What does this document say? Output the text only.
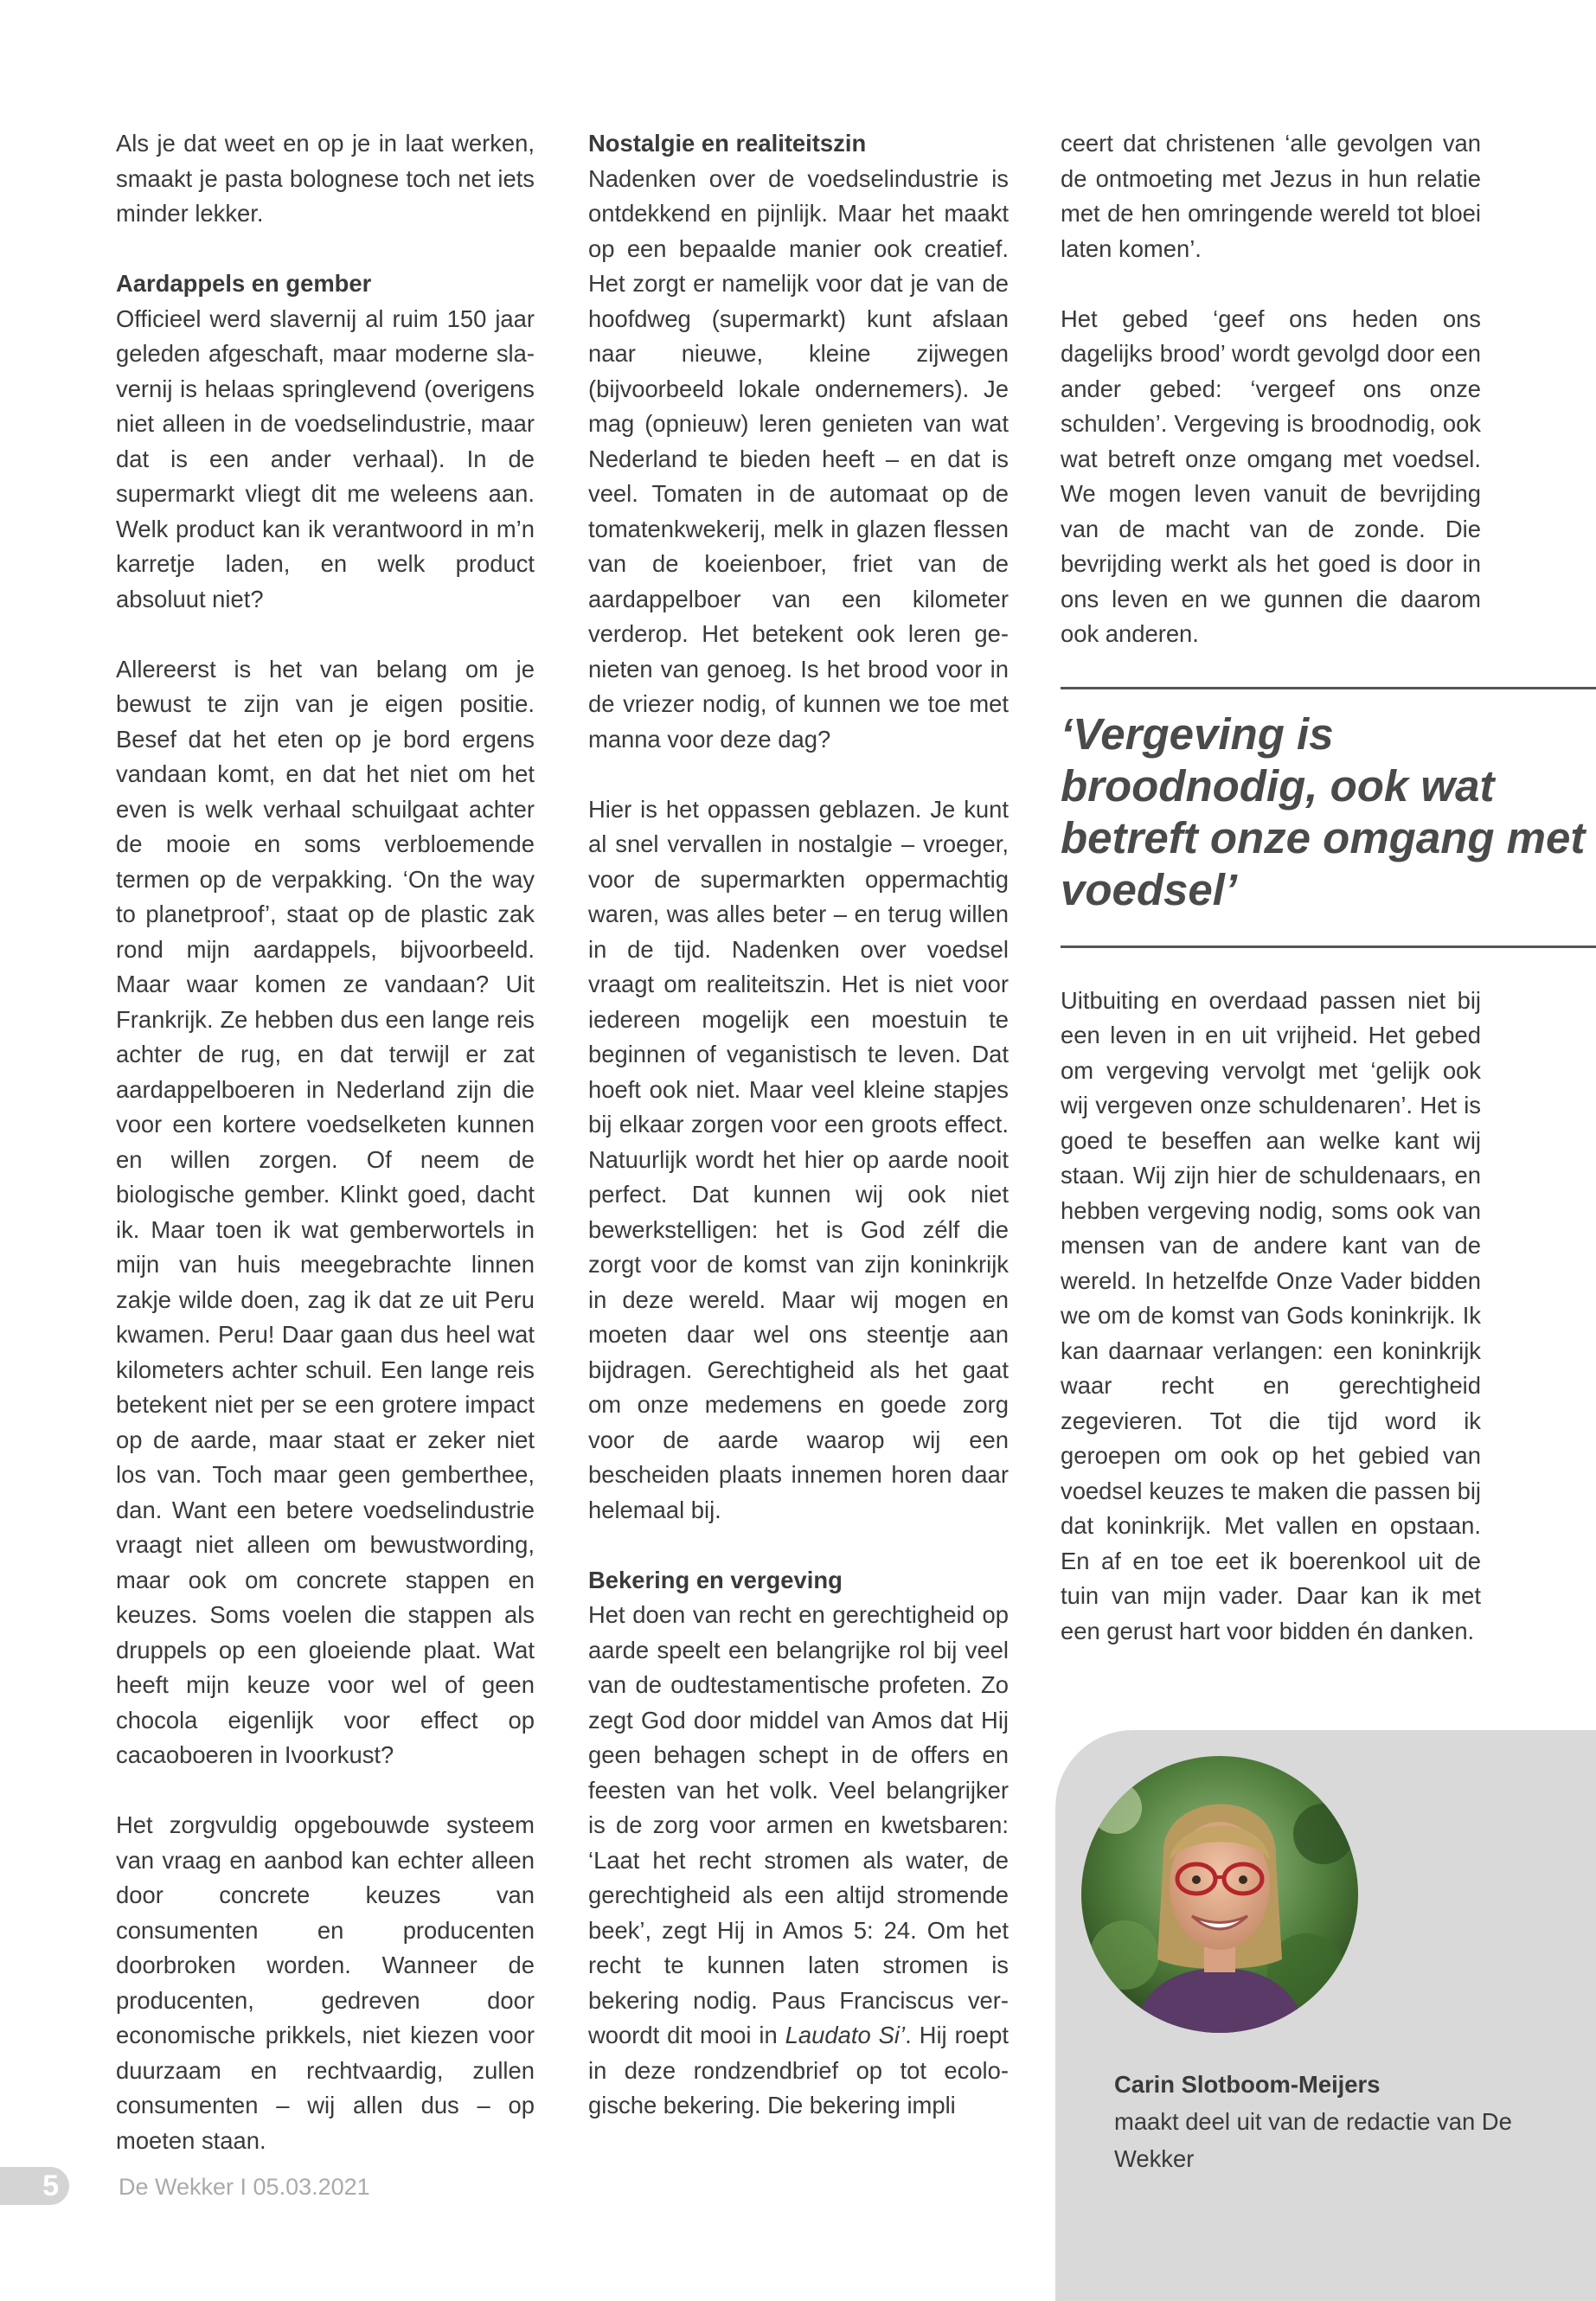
Als je dat weet en op je in laat werken, smaakt je pasta bolognese toch net iets minder lekker.

Aardappels en gember

Officieel werd slavernij al ruim 150 jaar geleden afgeschaft, maar moderne slavernij is helaas springlevend (overigens niet alleen in de voedselindustrie, maar dat is een ander verhaal). In de supermarkt vliegt dit me weleens aan. Welk product kan ik verantwoord in m’n karretje laden, en welk product absoluut niet?

Allereerst is het van belang om je bewust te zijn van je eigen positie. Besef dat het eten op je bord ergens vandaan komt, en dat het niet om het even is welk verhaal schuilgaat achter de mooie en soms verbloemende termen op de verpakking. ‘On the way to planetproof’, staat op de plastic zak rond mijn aardappels, bijvoorbeeld. Maar waar komen ze vandaan? Uit Frankrijk. Ze hebben dus een lange reis achter de rug, en dat terwijl er zat aardappelboeren in Nederland zijn die voor een kortere voedselketen kunnen en willen zorgen. Of neem de biologische gember. Klinkt goed, dacht ik. Maar toen ik wat gemberwortels in mijn van huis meegebrachte linnen zakje wilde doen, zag ik dat ze uit Peru kwamen. Peru! Daar gaan dus heel wat kilometers achter schuil. Een lange reis betekent niet per se een grotere impact op de aarde, maar staat er zeker niet los van. Toch maar geen gemberthee, dan. Want een betere voedselindustrie vraagt niet alleen om bewustwording, maar ook om concrete stappen en keuzes. Soms voelen die stappen als druppels op een gloeiende plaat. Wat heeft mijn keuze voor wel of geen chocola eigenlijk voor effect op cacaoboeren in Ivoorkust?

Het zorgvuldig opgebouwde systeem van vraag en aanbod kan echter alleen door concrete keuzes van consumenten en producenten doorbroken worden. Wanneer de producenten, gedreven door economische prikkels, niet kiezen voor duurzaam en rechtvaardig, zullen consumenten – wij allen dus – op moeten staan.

Nostalgie en realiteitszin

Nadenken over de voedselindustrie is ontdekkend en pijnlijk. Maar het maakt op een bepaalde manier ook creatief. Het zorgt er namelijk voor dat je van de hoofdweg (supermarkt) kunt afslaan naar nieuwe, kleine zijwegen (bijvoorbeeld lokale ondernemers). Je mag (opnieuw) leren genieten van wat Nederland te bieden heeft – en dat is veel. Tomaten in de automaat op de tomatenkwekerij, melk in glazen flessen van de koeienboer, friet van de aardappelboer van een kilometer verderop. Het betekent ook leren genieten van genoeg. Is het brood voor in de vriezer nodig, of kunnen we toe met manna voor deze dag?

Hier is het oppassen geblazen. Je kunt al snel vervallen in nostalgie – vroeger, voor de supermarkten oppermachtig waren, was alles beter – en terug willen in de tijd. Nadenken over voedsel vraagt om realiteitszin. Het is niet voor iedereen mogelijk een moestuin te beginnen of veganistisch te leven. Dat hoeft ook niet. Maar veel kleine stapjes bij elkaar zorgen voor een groots effect. Natuurlijk wordt het hier op aarde nooit perfect. Dat kunnen wij ook niet bewerkstelligen: het is God zélf die zorgt voor de komst van zijn koninkrijk in deze wereld. Maar wij mogen en moeten daar wel ons steentje aan bijdragen. Gerechtigheid als het gaat om onze medemens en goede zorg voor de aarde waarop wij een bescheiden plaats innemen horen daar helemaal bij.

Bekering en vergeving

Het doen van recht en gerechtigheid op aarde speelt een belangrijke rol bij veel van de oudtestamentische profeten. Zo zegt God door middel van Amos dat Hij geen behagen schept in de offers en feesten van het volk. Veel belangrijker is de zorg voor armen en kwetsbaren: ‘Laat het recht stromen als water, de gerechtigheid als een altijd stromende beek’, zegt Hij in Amos 5: 24. Om het recht te kunnen laten stromen is bekering nodig. Paus Franciscus verwoordt dit mooi in Laudato Si’. Hij roept in deze rondzendbrief op tot ecologische bekering. Die bekering impli

ceert dat christenen ‘alle gevolgen van de ontmoeting met Jezus in hun relatie met de hen omringende wereld tot bloei laten komen’.

Het gebed ‘geef ons heden ons dagelijks brood’ wordt gevolgd door een ander gebed: ‘vergeef ons onze schulden’. Vergeving is broodnodig, ook wat betreft onze omgang met voedsel. We mogen leven vanuit de bevrijding van de macht van de zonde. Die bevrijding werkt als het goed is door in ons leven en we gunnen die daarom ook anderen.

‘Vergeving is broodnodig, ook wat betreft onze omgang met voedsel’

Uitbuiting en overdaad passen niet bij een leven in en uit vrijheid. Het gebed om vergeving vervolgt met ‘gelijk ook wij vergeven onze schuldenaren’. Het is goed te beseffen aan welke kant wij staan. Wij zijn hier de schuldenaars, en hebben vergeving nodig, soms ook van mensen van de andere kant van de wereld. In hetzelfde Onze Vader bidden we om de komst van Gods koninkrijk. Ik kan daarnaar verlangen: een koninkrijk waar recht en gerechtigheid zegevieren. Tot die tijd word ik geroepen om ook op het gebied van voedsel keuzes te maken die passen bij dat koninkrijk. Met vallen en opstaan. En af en toe eet ik boerenkool uit de tuin van mijn vader. Daar kan ik met een gerust hart voor bidden én danken.

Carin Slotboom-Meijers
maakt deel uit van de redactie van De Wekker
5	De Wekker I 05.03.2021
